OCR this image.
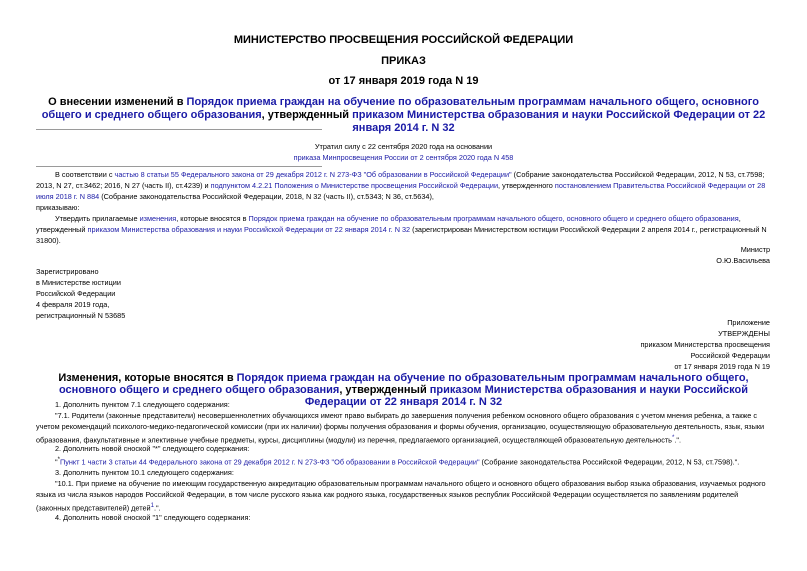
МИНИСТЕРСТВО ПРОСВЕЩЕНИЯ РОССИЙСКОЙ ФЕДЕРАЦИИ
ПРИКАЗ
от 17 января 2019 года N 19
О внесении изменений в Порядок приема граждан на обучение по образовательным программам начального общего, основного общего и среднего общего образования, утвержденный приказом Министерства образования и науки Российской Федерации от 22 января 2014 г. N 32
Утратил силу с 22 сентября 2020 года на основании
приказа Минпросвещения России от 2 сентября 2020 года N 458
В соответствии с частью 8 статьи 55 Федерального закона от 29 декабря 2012 г. N 273-ФЗ "Об образовании в Российской Федерации" (Собрание законодательства Российской Федерации, 2012, N 53, ст.7598; 2013, N 27, ст.3462; 2016, N 27 (часть II), ст.4239) и подпунктом 4.2.21 Положения о Министерстве просвещения Российской Федерации, утвержденного постановлением Правительства Российской Федерации от 28 июля 2018 г. N 884 (Собрание законодательства Российской Федерации, 2018, N 32 (часть II), ст.5343; N 36, ст.5634),
приказываю:
Утвердить прилагаемые изменения, которые вносятся в Порядок приема граждан на обучение по образовательным программам начального общего, основного общего и среднего общего образования, утвержденный приказом Министерства образования и науки Российской Федерации от 22 января 2014 г. N 32 (зарегистрирован Министерством юстиции Российской Федерации 2 апреля 2014 г., регистрационный N 31800).
Министр
О.Ю.Васильева
Зарегистрировано
в Министерстве юстиции
Российской Федерации
4 февраля 2019 года,
регистрационный N 53685
Приложение
УТВЕРЖДЕНЫ
приказом Министерства просвещения
Российской Федерации
от 17 января 2019 года N 19
Изменения, которые вносятся в Порядок приема граждан на обучение по образовательным программам начального общего, основного общего и среднего общего образования, утвержденный приказом Министерства образования и науки Российской Федерации от 22 января 2014 г. N 32
1. Дополнить пунктом 7.1 следующего содержания:
"7.1. Родители (законные представители) несовершеннолетних обучающихся имеют право выбирать до завершения получения ребенком основного общего образования с учетом мнения ребенка, а также с учетом рекомендаций психолого-медико-педагогической комиссии (при их наличии) формы получения образования и формы обучения, организацию, осуществляющую образовательную деятельность, язык, языки образования, факультативные и элективные учебные предметы, курсы, дисциплины (модули) из перечня, предлагаемого организацией, осуществляющей образовательную деятельность*.".
2. Дополнить новой сноской "*" следующего содержания:
"*Пункт 1 части 3 статьи 44 Федерального закона от 29 декабря 2012 г. N 273-ФЗ "Об образовании в Российской Федерации" (Собрание законодательства Российской Федерации, 2012, N 53, ст.7598).".
3. Дополнить пунктом 10.1 следующего содержания:
"10.1. При приеме на обучение по имеющим государственную аккредитацию образовательным программам начального общего и основного общего образования выбор языка образования, изучаемых родного языка из числа языков народов Российской Федерации, в том числе русского языка как родного языка, государственных языков республик Российской Федерации осуществляется по заявлениям родителей (законных представителей) детей$^1$.".
4. Дополнить новой сноской "1" следующего содержания:
